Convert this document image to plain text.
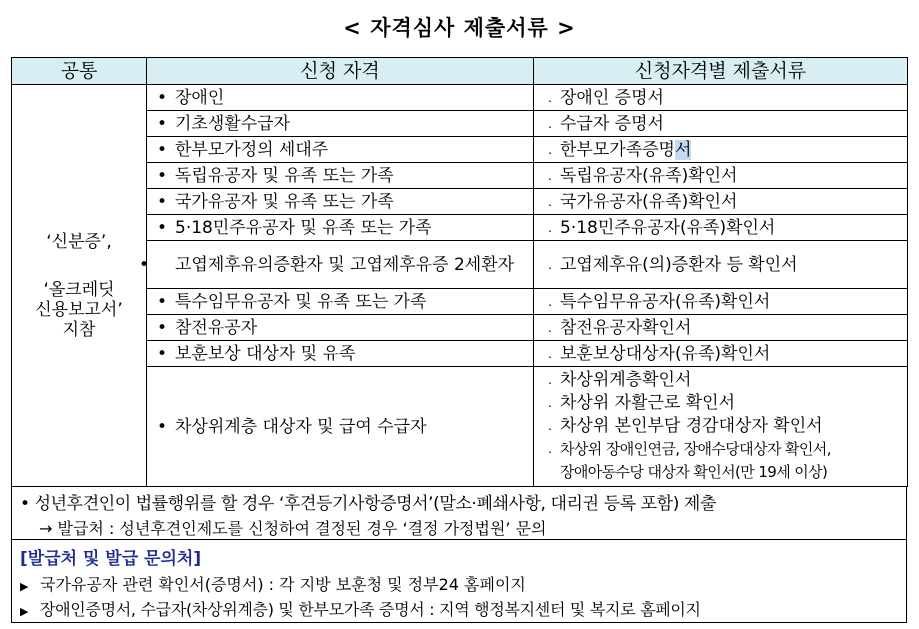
< 자격심사 제출서류 >
공통	신청 자격	신청자격별 제출서류

‘신분증’,
‘올크레딧
신용보고서’
지참	• 장애인	. 장애인 증명서
	• 기초생활수급자	. 수급자 증명서
	• 한부모가정의 세대주	. 한부모가족증명서
	• 독립유공자 및 유족 또는 가족	. 독립유공자(유족)확인서
	• 국가유공자 및 유족 또는 가족	. 국가유공자(유족)확인서
	• 5·18민주유공자 및 유족 또는 가족	. 5·18민주유공자(유족)확인서

	• 고엽제후유의증환자 및 고엽제후유증 2세환자	. 고엽제후유(의)증환자 등 확인서
	• 특수임무유공자 및 유족 또는 가족	. 특수임무유공자(유족)확인서
	• 참전유공자	. 참전유공자확인서
	• 보훈보상 대상자 및 유족	. 보훈보상대상자(유족)확인서
	• 차상위계층 대상자 및 급여 수급자	. 차상위계층확인서
. 차상위 자활근로 확인서
. 차상위 본인부담 경감대상자 확인서
. 차상위 장애인연금, 장애수당대상자 확인서,
장애아동수당 대상자 확인서(만 19세 이상)
• 성년후견인이 법률행위를 할 경우 ‘후견등기사항증명서’(말소·폐쇄사항, 대리권 등록 포함) 제출
→ 발급처 : 성년후견인제도를 신청하여 결정된 경우 ‘결정 가정법원’ 문의
[발급처 및 발급 문의처]
▶ 국가유공자 관련 확인서(증명서) : 각 지방 보훈청 및 정부24 홈페이지
▶ 장애인증명서, 수급자(차상위계층) 및 한부모가족 증명서 : 지역 행정복지센터 및 복지로 홈페이지
